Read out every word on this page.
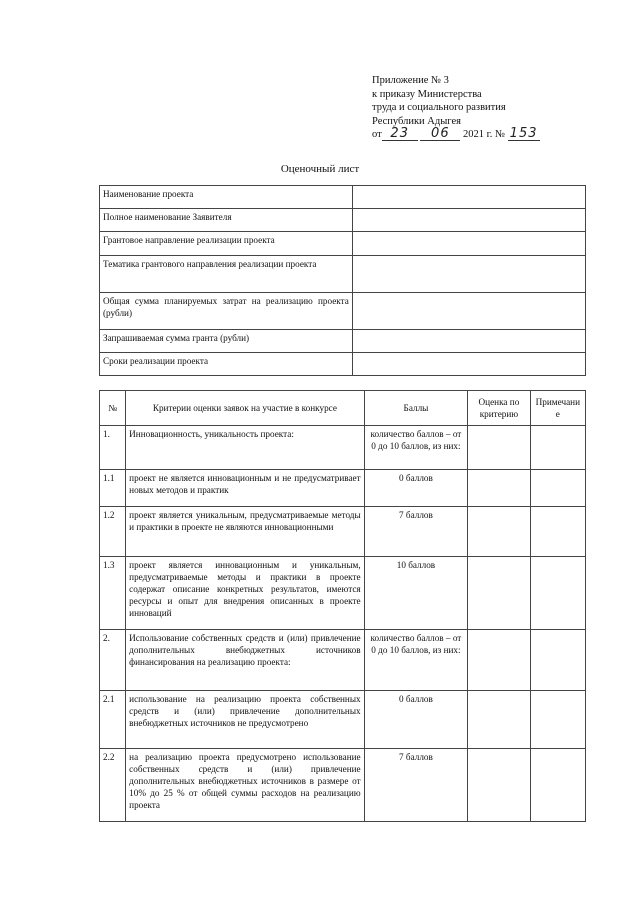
Приложение № 3
к приказу Министерства
труда и социального развития
Республики Адыгея
от 23 06 2021 г. № 153
Оценочный лист
Наименование проекта	
Полное наименование Заявителя	
Грантовое направление реализации проекта	
Тематика грантового направления реализации проекта	
Общая сумма планируемых затрат на реализацию проекта (рубли)	
Запрашиваемая сумма гранта (рубли)	
Сроки реализации проекта	
№	Критерии оценки заявок на участие в конкурсе	Баллы	Оценка по критерию	Примечание
1.	Инновационность, уникальность проекта:	количество баллов – от 0 до 10 баллов, из них:		
1.1	проект не является инновационным и не предусматривает новых методов и практик	0 баллов		
1.2	проект является уникальным, предусматриваемые методы и практики в проекте не являются инновационными	7 баллов		
1.3	проект является инновационным и уникальным, предусматриваемые методы и практики в проекте содержат описание конкретных результатов, имеются ресурсы и опыт для внедрения описанных в проекте инноваций	10 баллов		
2.	Использование собственных средств и (или) привлечение дополнительных внебюджетных источников финансирования на реализацию проекта:	количество баллов – от 0 до 10 баллов, из них:		
2.1	использование на реализацию проекта собственных средств и (или) привлечение дополнительных внебюджетных источников не предусмотрено	0 баллов		
2.2	на реализацию проекта предусмотрено использование собственных средств и (или) привлечение дополнительных внебюджетных источников в размере от 10% до 25 % от общей суммы расходов на реализацию проекта	7 баллов		
